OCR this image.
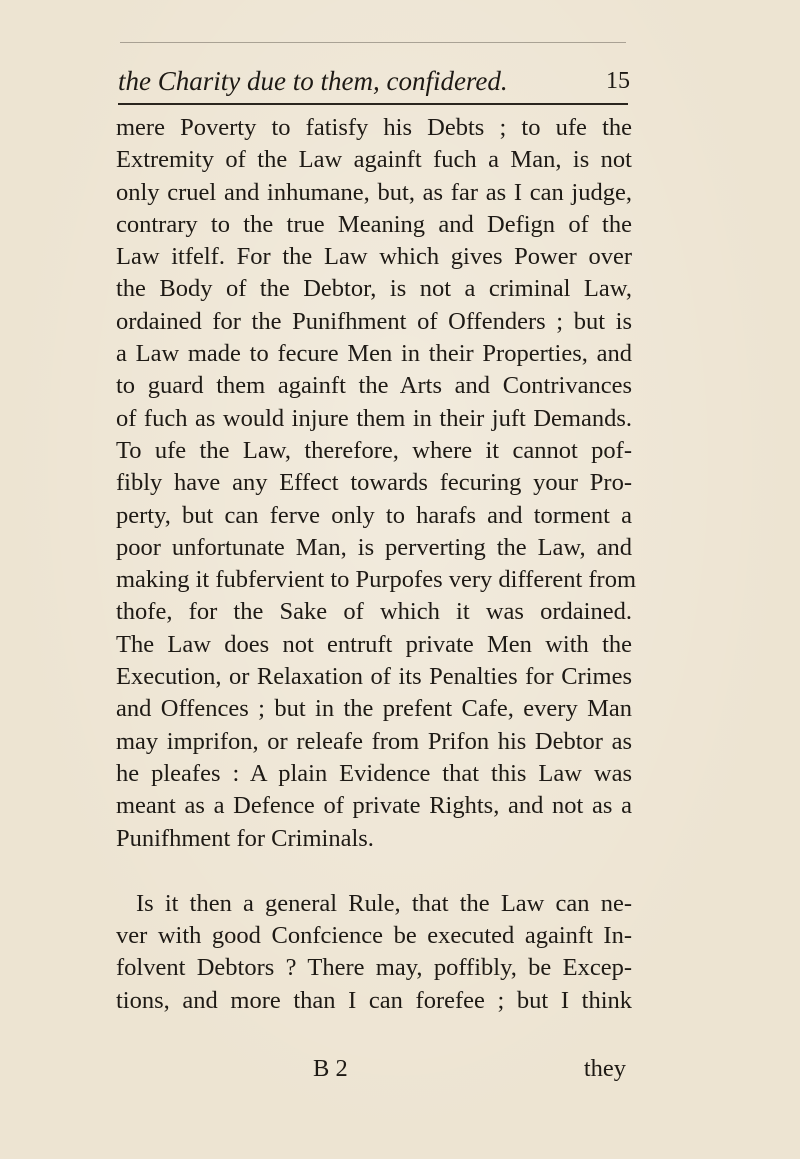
the Charity due to them, confidered.	15
mere Poverty to fatisfy his Debts ; to ufe the
Extremity of the Law againft fuch a Man, is not
only cruel and inhumane, but, as far as I can judge,
contrary to the true Meaning and Defign of the
Law itfelf. For the Law which gives Power over
the Body of the Debtor, is not a criminal Law,
ordained for the Punifhment of Offenders ; but is
a Law made to fecure Men in their Properties, and
to guard them againft the Arts and Contrivances
of fuch as would injure them in their juft Demands.
To ufe the Law, therefore, where it cannot pof-
fibly have any Effect towards fecuring your Pro-
perty, but can ferve only to harafs and torment a
poor unfortunate Man, is perverting the Law, and
making it fubfervient to Purpofes very different from
thofe, for the Sake of which it was ordained.
The Law does not entruft private Men with the
Execution, or Relaxation of its Penalties for Crimes
and Offences ; but in the prefent Cafe, every Man
may imprifon, or releafe from Prifon his Debtor as
he pleafes : A plain Evidence that this Law was
meant as a Defence of private Rights, and not as a
Punifhment for Criminals.
Is it then a general Rule, that the Law can ne-
ver with good Confcience be executed againft In-
folvent Debtors ? There may, poffibly, be Excep-
tions, and more than I can forefee ; but I think
B 2	they
